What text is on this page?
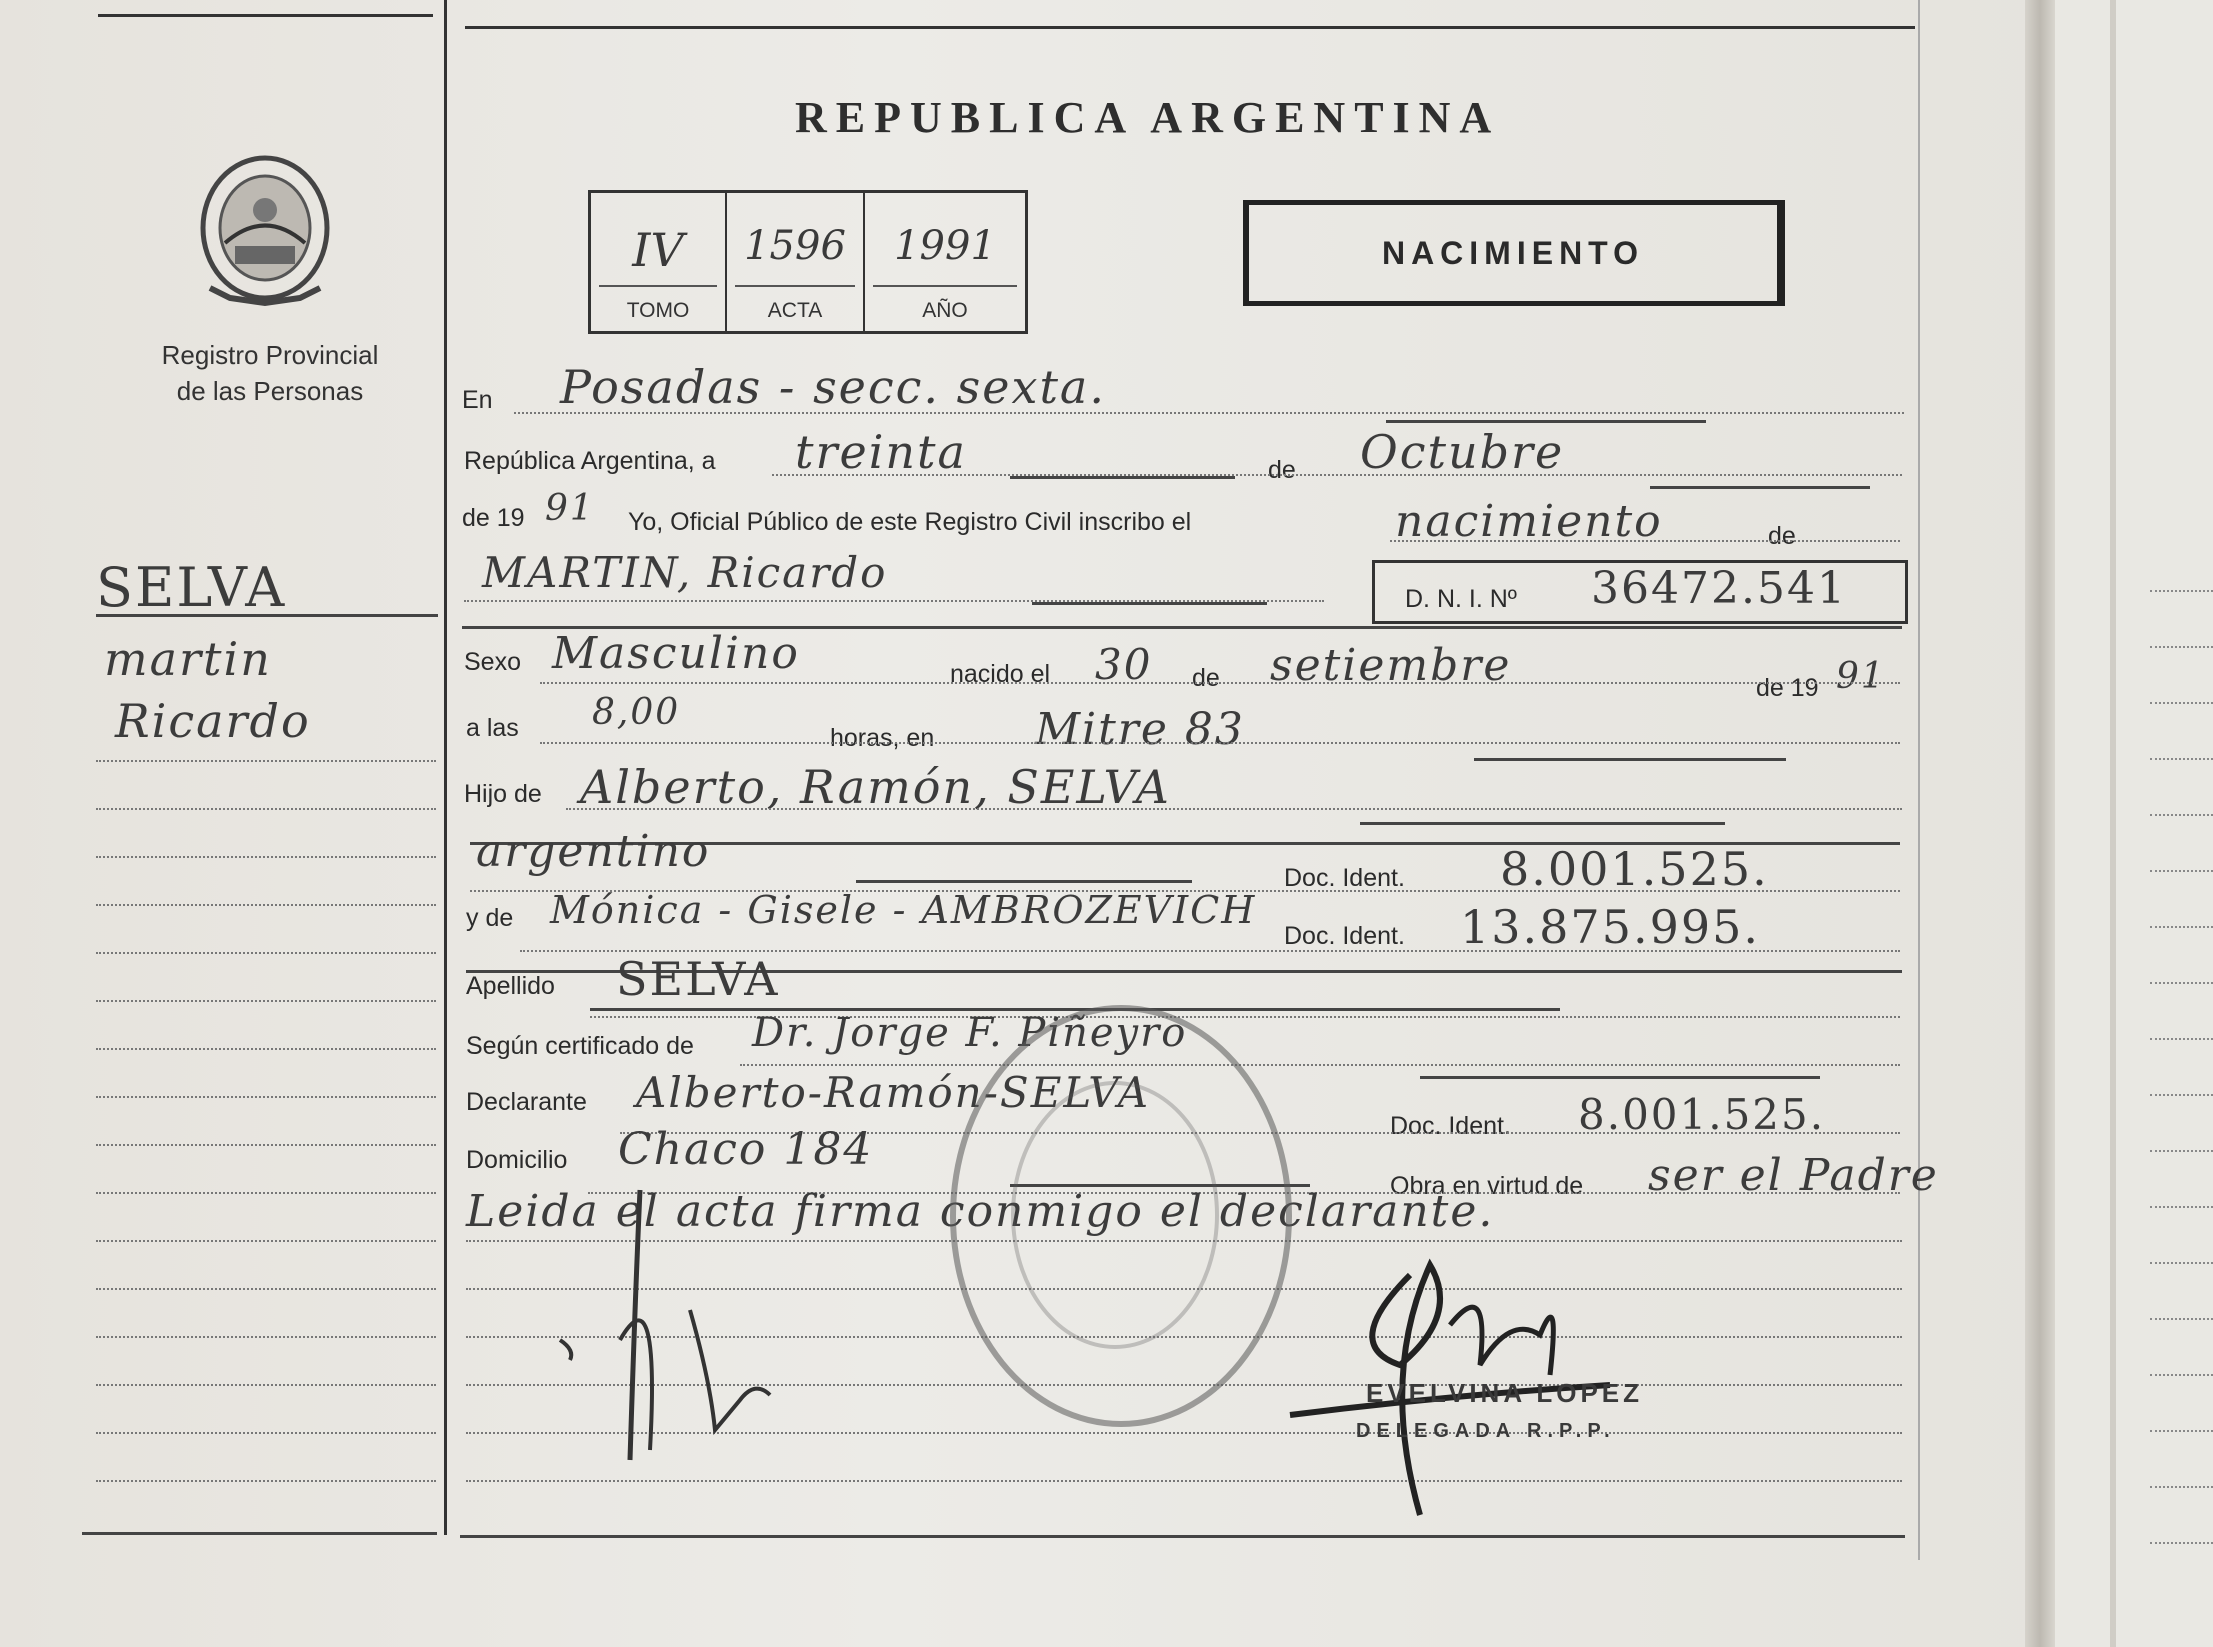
REPUBLICA ARGENTINA
IV
TOMO
1596
ACTA
1991
AÑO
NACIMIENTO
Registro Provincial
de las Personas
SELVA
martin
Ricardo
En Posadas - secc. sexta.
República Argentina, a treinta	de Octubre
de 19 91 Yo, Oficial Público de este Registro Civil inscribo el	nacimiento	de
MARTIN, Ricardo
D. N. I. Nº 36472.541
Sexo Masculino	nacido el 30 de setiembre	de 19 91
a las 8,00
horas, en Mitre 83
Hijo de Alberto, Ramón, SELVA
argentino
Doc. Ident. 8.001.525.
y de Mónica - Gisele - AMBROZEVICH
Doc. Ident. 13.875.995.
Apellido SELVA
Según certificado de Dr. Jorge F. Piñeyro
Declarante Alberto-Ramón-SELVA
Doc. Ident. 8.001.525.
Domicilio Chaco 184
Obra en virtud de ser el Padre
Leida el acta firma conmigo el declarante.
EVELVINA LOPEZ
DELEGADA R.P.P.
